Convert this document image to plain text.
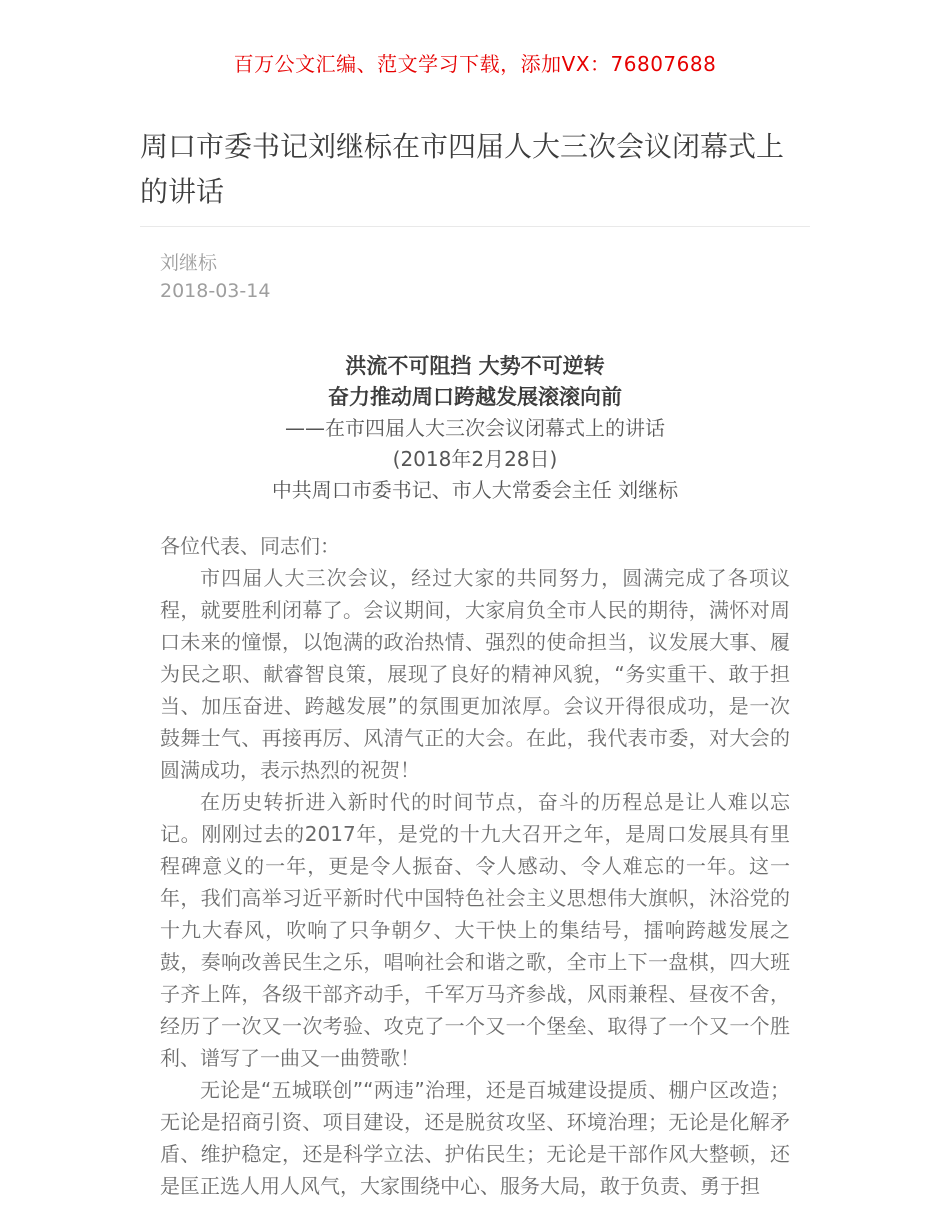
百万公文汇编、范文学习下载，添加VX：76807688
周口市委书记刘继标在市四届人大三次会议闭幕式上的讲话
刘继标
2018-03-14
洪流不可阻挡 大势不可逆转
奋力推动周口跨越发展滚滚向前
——在市四届人大三次会议闭幕式上的讲话
(2018年2月28日)
中共周口市委书记、市人大常委会主任 刘继标

各位代表、同志们：

市四届人大三次会议，经过大家的共同努力，圆满完成了各项议程，就要胜利闭幕了。会议期间，大家肩负全市人民的期待，满怀对周口未来的憧憬，以饱满的政治热情、强烈的使命担当，议发展大事、履为民之职、献睿智良策，展现了良好的精神风貌，“务实重干、敢于担当、加压奋进、跨越发展”的氛围更加浓厚。会议开得很成功，是一次鼓舞士气、再接再厉、风清气正的大会。在此，我代表市委，对大会的圆满成功，表示热烈的祝贺！

在历史转折进入新时代的时间节点，奋斗的历程总是让人难以忘记。刚刚过去的2017年，是党的十九大召开之年，是周口发展具有里程碑意义的一年，更是令人振奋、令人感动、令人难忘的一年。这一年，我们高举习近平新时代中国特色社会主义思想伟大旗帜，沐浴党的十九大春风，吹响了只争朝夕、大干快上的集结号，擂响跨越发展之鼓，奏响改善民生之乐，唱响社会和谐之歌，全市上下一盘棋，四大班子齐上阵，各级干部齐动手，千军万马齐参战，风雨兼程、昼夜不舍，经历了一次又一次考验、攻克了一个又一个堡垒、取得了一个又一个胜利、谱写了一曲又一曲赞歌！

无论是“五城联创”“两违”治理，还是百城建设提质、棚户区改造；无论是招商引资、项目建设，还是脱贫攻坚、环境治理；无论是化解矛盾、维护稳定，还是科学立法、护佑民生；无论是干部作风大整顿，还是匡正选人用人风气，大家围绕中心、服务大局，敢于负责、勇于担
